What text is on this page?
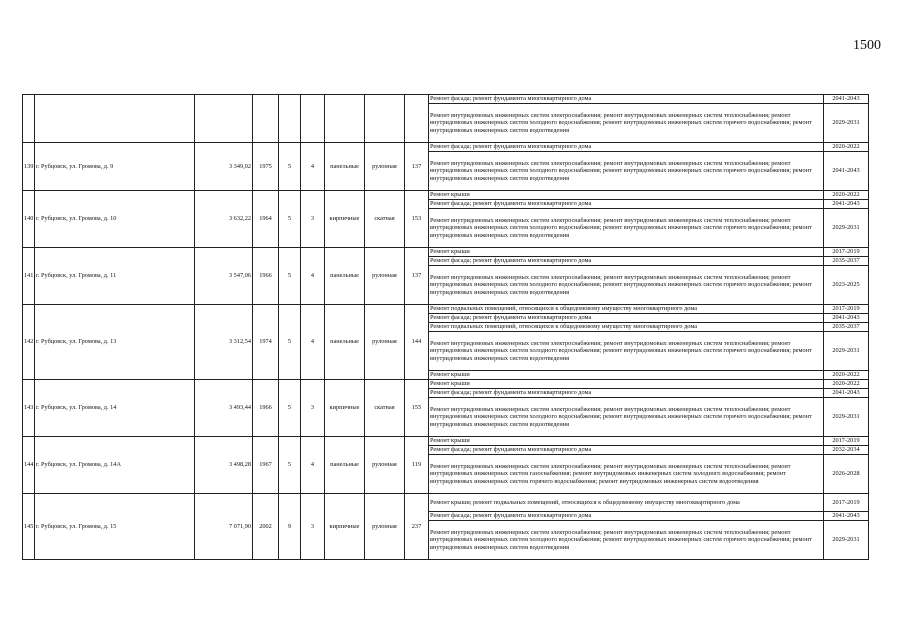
1500
									Ремонт фасада; ремонт фундамента многоквартирного дома	2041-2043
									Ремонт внутридомовых инженерных систем электроснабжения; ремонт внутридомовых инженерных систем теплоснабжения; ремонт внутридомовых инженерных систем холодного водоснабжения; ремонт внутридомовых инженерных систем горячего водоснабжения; ремонт внутридомовых инженерных систем водоотведения	2029-2031
139	г. Рубцовск, ул. Громова, д. 9	3 349,02	1975	5	4	панельные	рулонная	137	Ремонт фасада; ремонт фундамента многоквартирного дома	2020-2022
									Ремонт внутридомовых инженерных систем электроснабжения; ремонт внутридомовых инженерных систем теплоснабжения; ремонт внутридомовых инженерных систем холодного водоснабжения; ремонт внутридомовых инженерных систем горячего водоснабжения; ремонт внутридомовых инженерных систем водоотведения	2041-2043
140	г. Рубцовск, ул. Громова, д. 10	3 632,22	1964	5	3	кирпичные	скатная	153	Ремонт крыши	2020-2022
									Ремонт фасада; ремонт фундамента многоквартирного дома	2041-2043
									Ремонт внутридомовых инженерных систем электроснабжения; ремонт внутридомовых инженерных систем теплоснабжения; ремонт внутридомовых инженерных систем холодного водоснабжения; ремонт внутридомовых инженерных систем горячего водоснабжения; ремонт внутридомовых инженерных систем водоотведения	2029-2031
141	г. Рубцовск, ул. Громова, д. 11	3 547,06	1966	5	4	панельные	рулонная	137	Ремонт крыши	2017-2019
									Ремонт фасада; ремонт фундамента многоквартирного дома	2035-2037
									Ремонт внутридомовых инженерных систем электроснабжения; ремонт внутридомовых инженерных систем теплоснабжения; ремонт внутридомовых инженерных систем холодного водоснабжения; ремонт внутридомовых инженерных систем горячего водоснабжения; ремонт внутридомовых инженерных систем водоотведения	2023-2025
142	г. Рубцовск, ул. Громова, д. 13	3 312,54	1974	5	4	панельные	рулонная	144	Ремонт подвальных помещений, относящихся к общедомовому имуществу многоквартирного дома	2017-2019
									Ремонт фасада; ремонт фундамента многоквартирного дома	2041-2043
									Ремонт подвальных помещений, относящихся к общедомовому имуществу многоквартирного дома	2035-2037
									Ремонт внутридомовых инженерных систем электроснабжения; ремонт внутридомовых инженерных систем теплоснабжения; ремонт внутридомовых инженерных систем холодного водоснабжения; ремонт внутридомовых инженерных систем горячего водоснабжения; ремонт внутридомовых инженерных систем водоотведения	2029-2031
									Ремонт крыши	2020-2022
143	г. Рубцовск, ул. Громова, д. 14	3 493,44	1966	5	3	кирпичные	скатная	155	Ремонт крыши	2020-2022
									Ремонт фасада; ремонт фундамента многоквартирного дома	2041-2043
									Ремонт внутридомовых инженерных систем электроснабжения; ремонт внутридомовых инженерных систем теплоснабжения; ремонт внутридомовых инженерных систем холодного водоснабжения; ремонт внутридомовых инженерных систем горячего водоснабжения; ремонт внутридомовых инженерных систем водоотведения	2029-2031
144	г. Рубцовск, ул. Громова, д. 14А	3 498,28	1967	5	4	панельные	рулонная	119	Ремонт крыши	2017-2019
									Ремонт фасада; ремонт фундамента многоквартирного дома	2032-2034
									Ремонт внутридомовых инженерных систем электроснабжения; ремонт внутридомовых инженерных систем теплоснабжения; ремонт внутридомовых инженерных систем газоснабжения; ремонт внутридомовых инженерных систем холодного водоснабжения; ремонт внутридомовых инженерных систем горячего водоснабжения; ремонт внутридомовых инженерных систем водоотведения	2026-2028
145	г. Рубцовск, ул. Громова, д. 15	7 071,90	2002	9	3	кирпичные	рулонная	237	Ремонт крыши; ремонт подвальных помещений, относящихся к общедомовому имуществу многоквартирного дома	2017-2019
									Ремонт фасада; ремонт фундамента многоквартирного дома	2041-2043
									Ремонт внутридомовых инженерных систем электроснабжения; ремонт внутридомовых инженерных систем теплоснабжения; ремонт внутридомовых инженерных систем холодного водоснабжения; ремонт внутридомовых инженерных систем горячего водоснабжения; ремонт внутридомовых инженерных систем водоотведения	2029-2031
